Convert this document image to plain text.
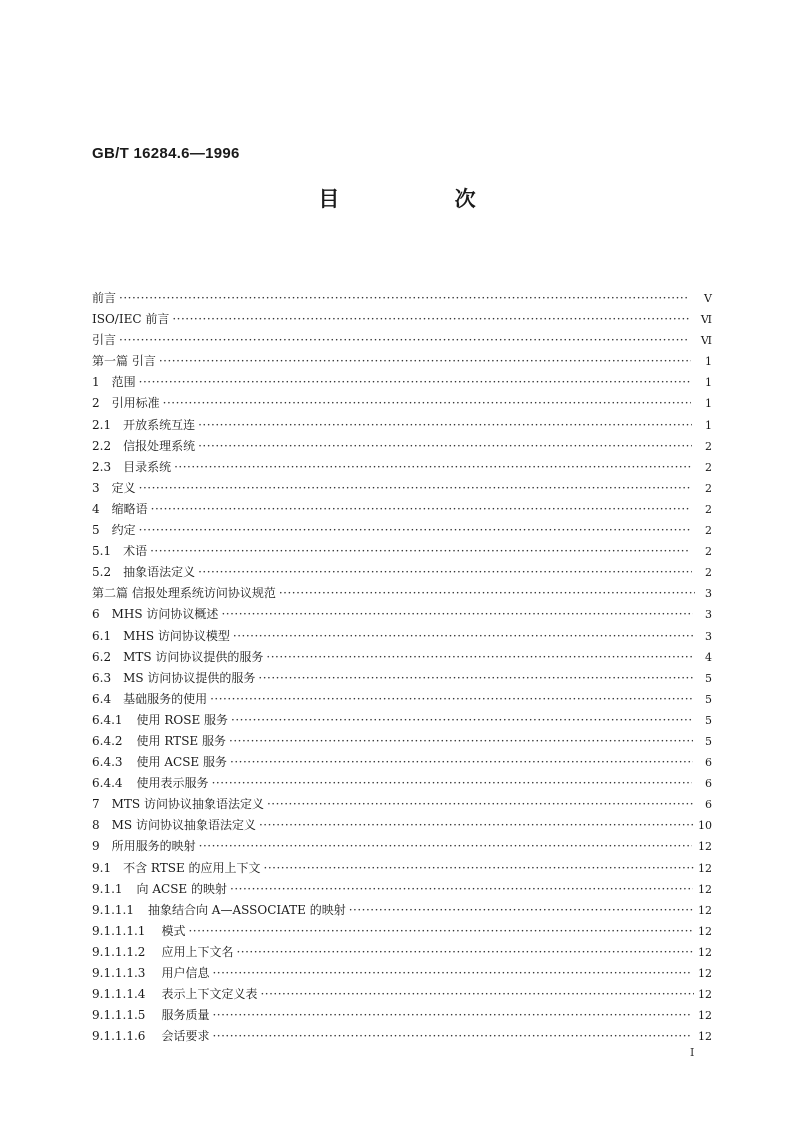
GB/T 16284.6—1996
目 次
前言 ·····	Ⅴ
ISO/IEC 前言 ·····	Ⅵ
引言 ·····	Ⅵ
第一篇 引言 ·····	1
1 范围 ·····	1
2 引用标准 ·····	1
2.1 开放系统互连 ·····	1
2.2 信报处理系统 ·····	2
2.3 目录系统 ·····	2
3 定义 ·····	2
4 缩略语 ·····	2
5 约定 ·····	2
5.1 术语 ·····	2
5.2 抽象语法定义 ·····	2
第二篇 信报处理系统访问协议规范 ·····	3
6 MHS 访问协议概述 ·····	3
6.1 MHS 访问协议模型 ·····	3
6.2 MTS 访问协议提供的服务 ·····	4
6.3 MS 访问协议提供的服务 ·····	5
6.4 基础服务的使用 ·····	5
6.4.1 使用 ROSE 服务 ·····	5
6.4.2 使用 RTSE 服务 ·····	5
6.4.3 使用 ACSE 服务 ·····	6
6.4.4 使用表示服务 ·····	6
7 MTS 访问协议抽象语法定义 ·····	6
8 MS 访问协议抽象语法定义 ·····	10
9 所用服务的映射 ·····	12
9.1 不含 RTSE 的应用上下文 ·····	12
9.1.1 向 ACSE 的映射 ·····	12
9.1.1.1 抽象结合向 A—ASSOCIATE 的映射 ·····	12
9.1.1.1.1 模式 ·····	12
9.1.1.1.2 应用上下文名 ·····	12
9.1.1.1.3 用户信息 ·····	12
9.1.1.1.4 表示上下文定义表 ·····	12
9.1.1.1.5 服务质量 ·····	12
9.1.1.1.6 会话要求 ·····	12
Ⅰ
